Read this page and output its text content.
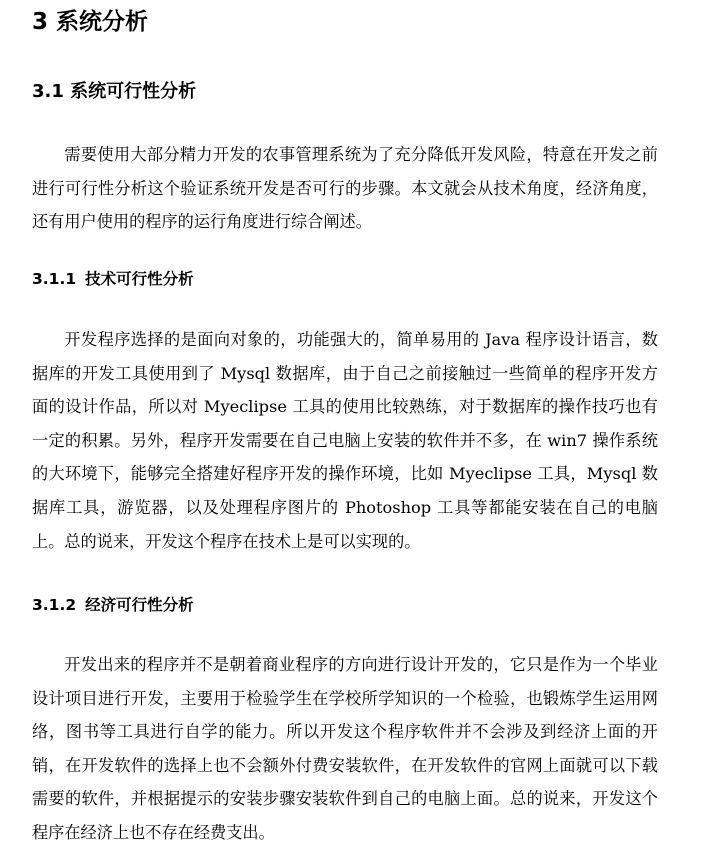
3 系统分析
3.1 系统可行性分析

需要使用大部分精力开发的农事管理系统为了充分降低开发风险，特意在开发之前进行可行性分析这个验证系统开发是否可行的步骤。本文就会从技术角度，经济角度，还有用户使用的程序的运行角度进行综合阐述。

3.1.1 技术可行性分析

开发程序选择的是面向对象的，功能强大的，简单易用的 Java 程序设计语言，数据库的开发工具使用到了 Mysql 数据库，由于自己之前接触过一些简单的程序开发方面的设计作品，所以对 Myeclipse 工具的使用比较熟练，对于数据库的操作技巧也有一定的积累。另外，程序开发需要在自己电脑上安装的软件并不多，在 win7 操作系统的大环境下，能够完全搭建好程序开发的操作环境，比如 Myeclipse 工具，Mysql 数据库工具，游览器，以及处理程序图片的 Photoshop 工具等都能安装在自己的电脑上。总的说来，开发这个程序在技术上是可以实现的。

3.1.2 经济可行性分析

开发出来的程序并不是朝着商业程序的方向进行设计开发的，它只是作为一个毕业设计项目进行开发，主要用于检验学生在学校所学知识的一个检验，也锻炼学生运用网络，图书等工具进行自学的能力。所以开发这个程序软件并不会涉及到经济上面的开销，在开发软件的选择上也不会额外付费安装软件，在开发软件的官网上面就可以下载需要的软件，并根据提示的安装步骤安装软件到自己的电脑上面。总的说来，开发这个程序在经济上也不存在经费支出。
